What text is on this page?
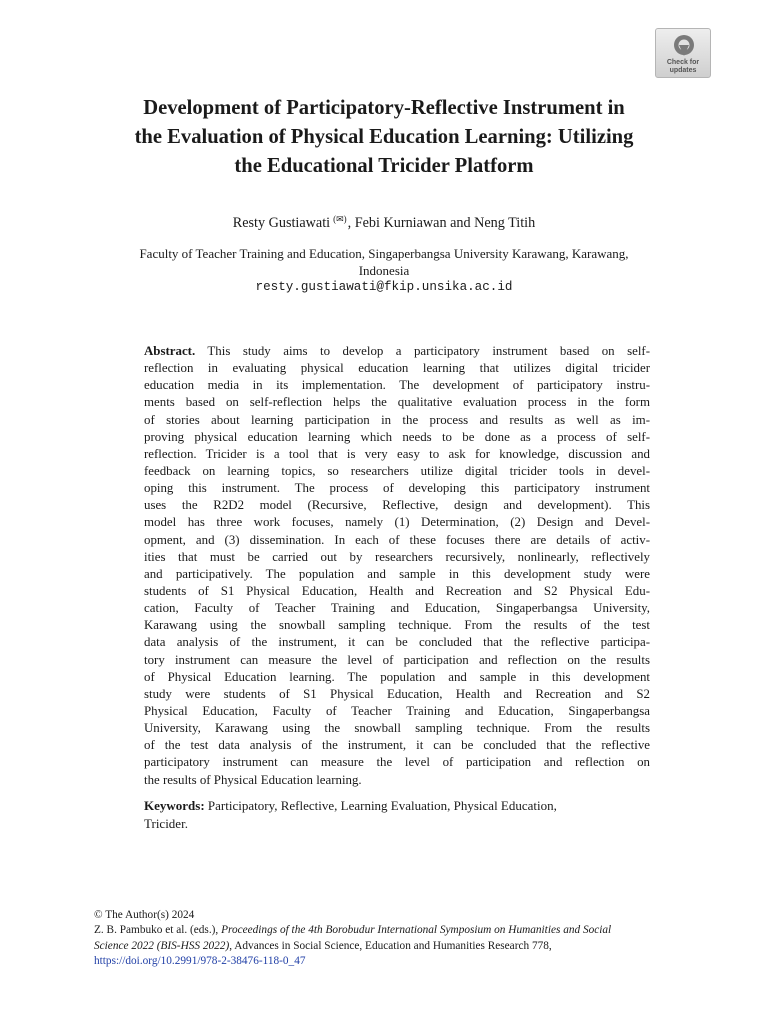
Check for
updates
Development of Participatory-Reflective Instrument in
the Evaluation of Physical Education Learning: Utilizing
the Educational Tricider Platform
Resty Gustiawati (✉), Febi Kurniawan and Neng Titih
Faculty of Teacher Training and Education, Singaperbangsa University Karawang, Karawang,
Indonesia
resty.gustiawati@fkip.unsika.ac.id
Abstract. This study aims to develop a participatory instrument based on self-
reflection in evaluating physical education learning that utilizes digital tricider
education media in its implementation. The development of participatory instru-
ments based on self-reflection helps the qualitative evaluation process in the form
of stories about learning participation in the process and results as well as im-
proving physical education learning which needs to be done as a process of self-
reflection. Tricider is a tool that is very easy to ask for knowledge, discussion and
feedback on learning topics, so researchers utilize digital tricider tools in devel-
oping this instrument. The process of developing this participatory instrument
uses the R2D2 model (Recursive, Reflective, design and development). This
model has three work focuses, namely (1) Determination, (2) Design and Devel-
opment, and (3) dissemination. In each of these focuses there are details of activ-
ities that must be carried out by researchers recursively, nonlinearly, reflectively
and participatively. The population and sample in this development study were
students of S1 Physical Education, Health and Recreation and S2 Physical Edu-
cation, Faculty of Teacher Training and Education, Singaperbangsa University,
Karawang using the snowball sampling technique. From the results of the test
data analysis of the instrument, it can be concluded that the reflective participa-
tory instrument can measure the level of participation and reflection on the results
of Physical Education learning. The population and sample in this development
study were students of S1 Physical Education, Health and Recreation and S2
Physical Education, Faculty of Teacher Training and Education, Singaperbangsa
University, Karawang using the snowball sampling technique. From the results
of the test data analysis of the instrument, it can be concluded that the reflective
participatory instrument can measure the level of participation and reflection on
the results of Physical Education learning.
Keywords: Participatory, Reflective, Learning Evaluation, Physical Education,
Tricider.
© The Author(s) 2024
Z. B. Pambuko et al. (eds.), Proceedings of the 4th Borobudur International Symposium on Humanities and Social
Science 2022 (BIS-HSS 2022), Advances in Social Science, Education and Humanities Research 778,
https://doi.org/10.2991/978-2-38476-118-0_47
